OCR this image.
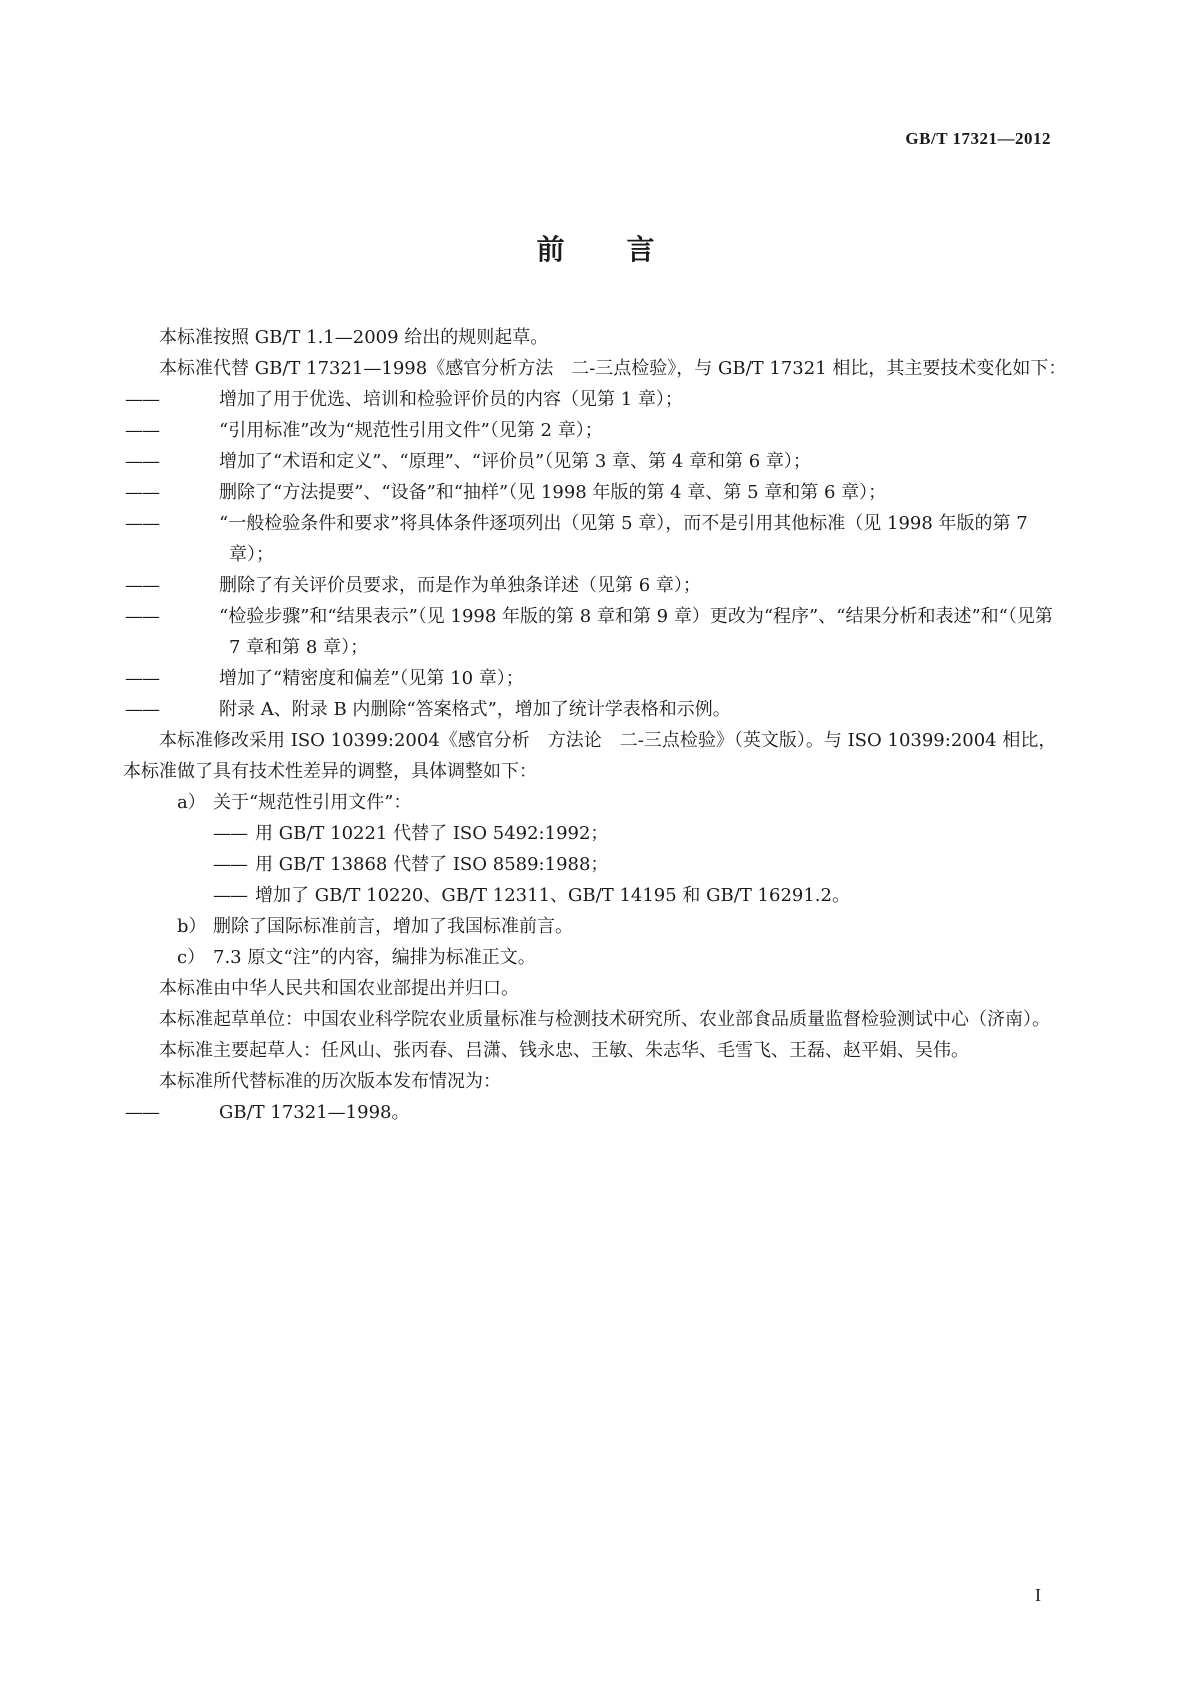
GB/T 17321—2012
前 言

本标准按照 GB/T 1.1—2009 给出的规则起草。

本标准代替 GB/T 17321—1998《感官分析方法　二-三点检验》，与 GB/T 17321 相比，其主要技术变化如下：

——	增加了用于优选、培训和检验评价员的内容（见第 1 章）；

——	“引用标准”改为“规范性引用文件”（见第 2 章）；

——	增加了“术语和定义”、“原理”、“评价员”（见第 3 章、第 4 章和第 6 章）；

——	删除了“方法提要”、“设备”和“抽样”（见 1998 年版的第 4 章、第 5 章和第 6 章）；

——	“一般检验条件和要求”将具体条件逐项列出（见第 5 章），而不是引用其他标准（见 1998 年版的第 7 章）；

——	删除了有关评价员要求，而是作为单独条详述（见第 6 章）；

——	“检验步骤”和“结果表示”（见 1998 年版的第 8 章和第 9 章）更改为“程序”、“结果分析和表述”和“（见第 7 章和第 8 章）；

——	增加了“精密度和偏差”（见第 10 章）；

——	附录 A、附录 B 内删除“答案格式”，增加了统计学表格和示例。

本标准修改采用 ISO 10399:2004《感官分析　方法论　二-三点检验》（英文版）。与 ISO 10399:2004 相比，本标准做了具有技术性差异的调整，具体调整如下：

a） 关于“规范性引用文件”：

—— 用 GB/T 10221 代替了 ISO 5492:1992；

—— 用 GB/T 13868 代替了 ISO 8589:1988；

—— 增加了 GB/T 10220、GB/T 12311、GB/T 14195 和 GB/T 16291.2。

b） 删除了国际标准前言，增加了我国标准前言。

c） 7.3 原文“注”的内容，编排为标准正文。

本标准由中华人民共和国农业部提出并归口。

本标准起草单位：中国农业科学院农业质量标准与检测技术研究所、农业部食品质量监督检验测试中心（济南）。

本标准主要起草人：任风山、张丙春、吕潇、钱永忠、王敏、朱志华、毛雪飞、王磊、赵平娟、吴伟。

本标准所代替标准的历次版本发布情况为：

——	GB/T 17321—1998。

I
